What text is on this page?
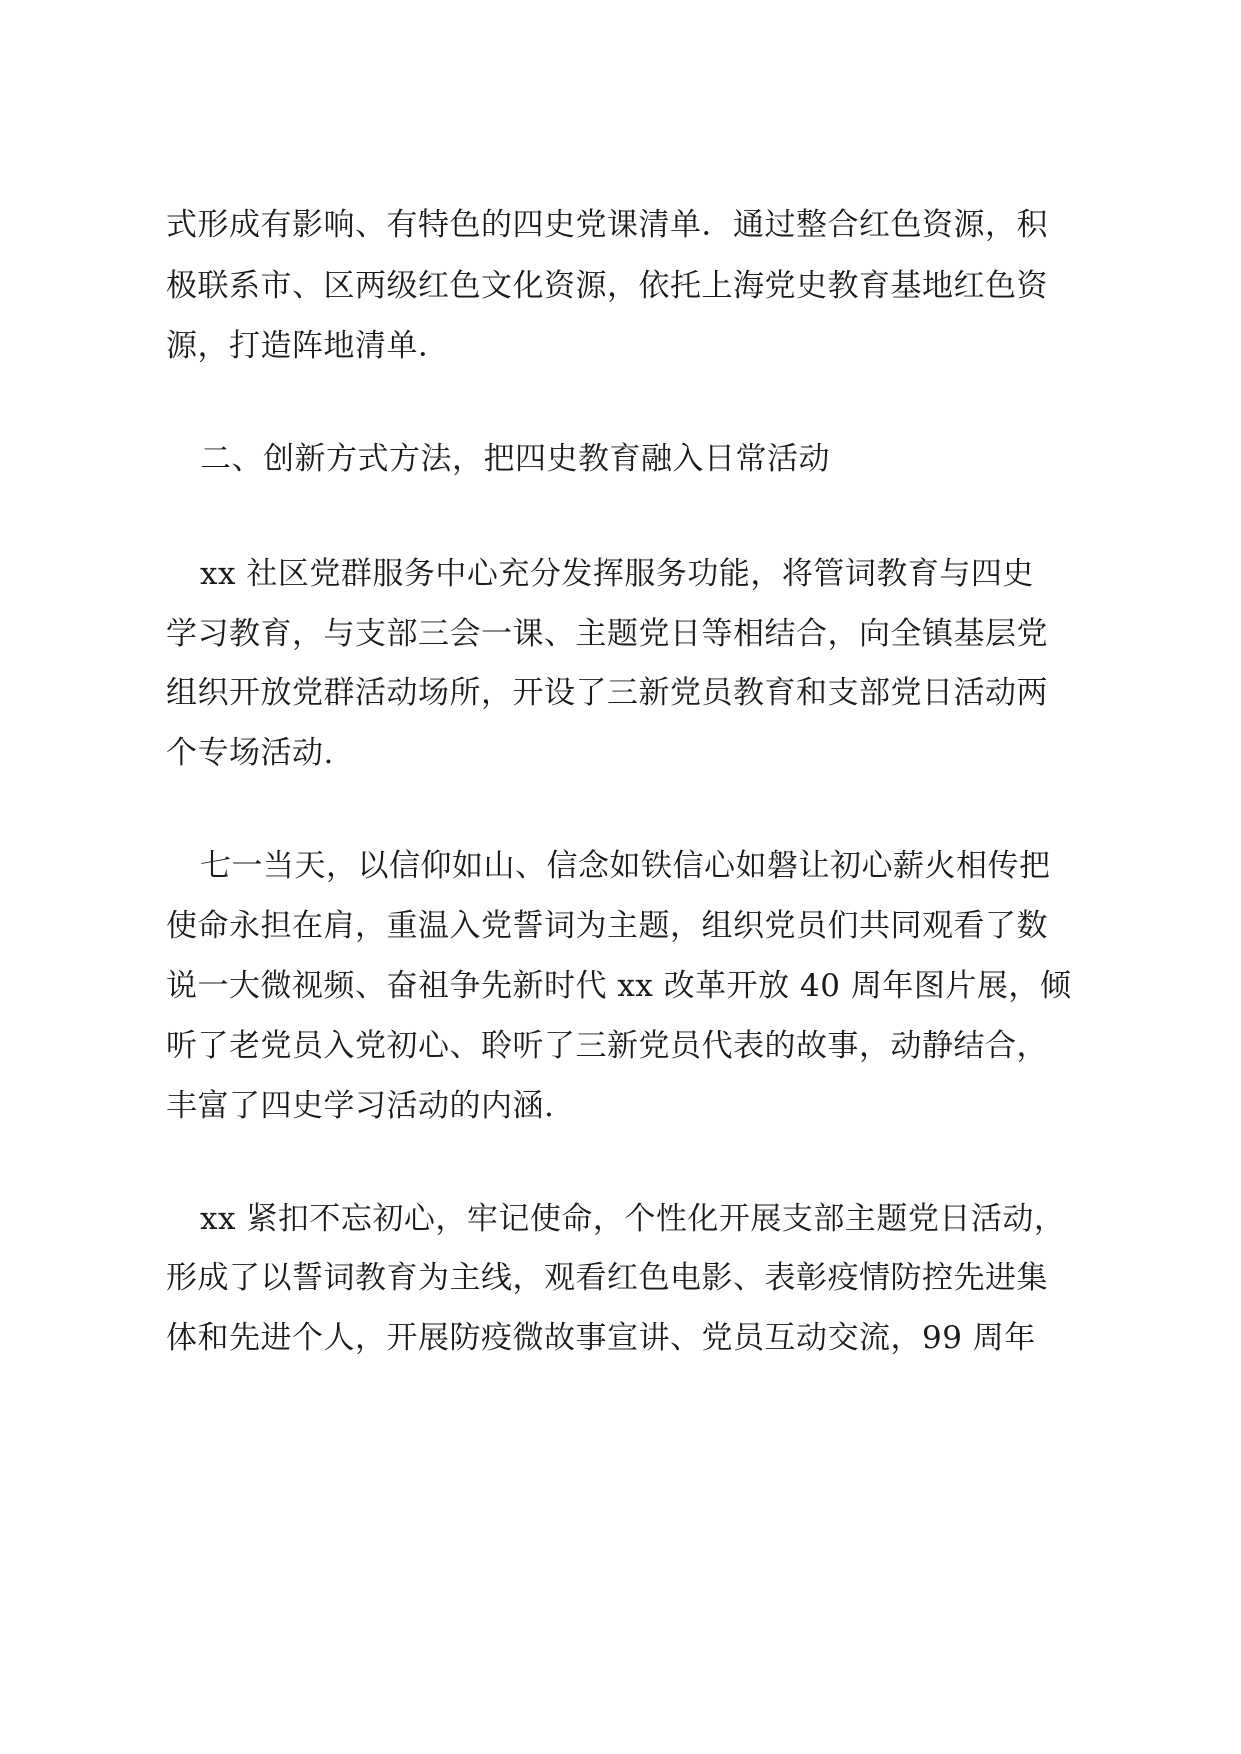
式形成有影响、有特色的四史党课清单．通过整合红色资源，积
极联系市、区两级红色文化资源，依托上海党史教育基地红色资
源，打造阵地清单．
二、创新方式方法，把四史教育融入日常活动
xx 社区党群服务中心充分发挥服务功能，将管词教育与四史
学习教育，与支部三会一课、主题党日等相结合，向全镇基层党
组织开放党群活动场所，开设了三新党员教育和支部党日活动两
个专场活动.
七一当天，以信仰如山、信念如铁信心如磐让初心薪火相传把
使命永担在肩，重温入党誓词为主题，组织党员们共同观看了数
说一大微视频、奋祖争先新时代 xx 改革开放 40 周年图片展，倾
听了老党员入党初心、聆听了三新党员代表的故事，动静结合，
丰富了四史学习活动的内涵.
xx 紧扣不忘初心，牢记使命，个性化开展支部主题党日活动，
形成了以誓词教育为主线，观看红色电影、表彰疫情防控先进集
体和先进个人，开展防疫微故事宣讲、党员互动交流，99 周年
